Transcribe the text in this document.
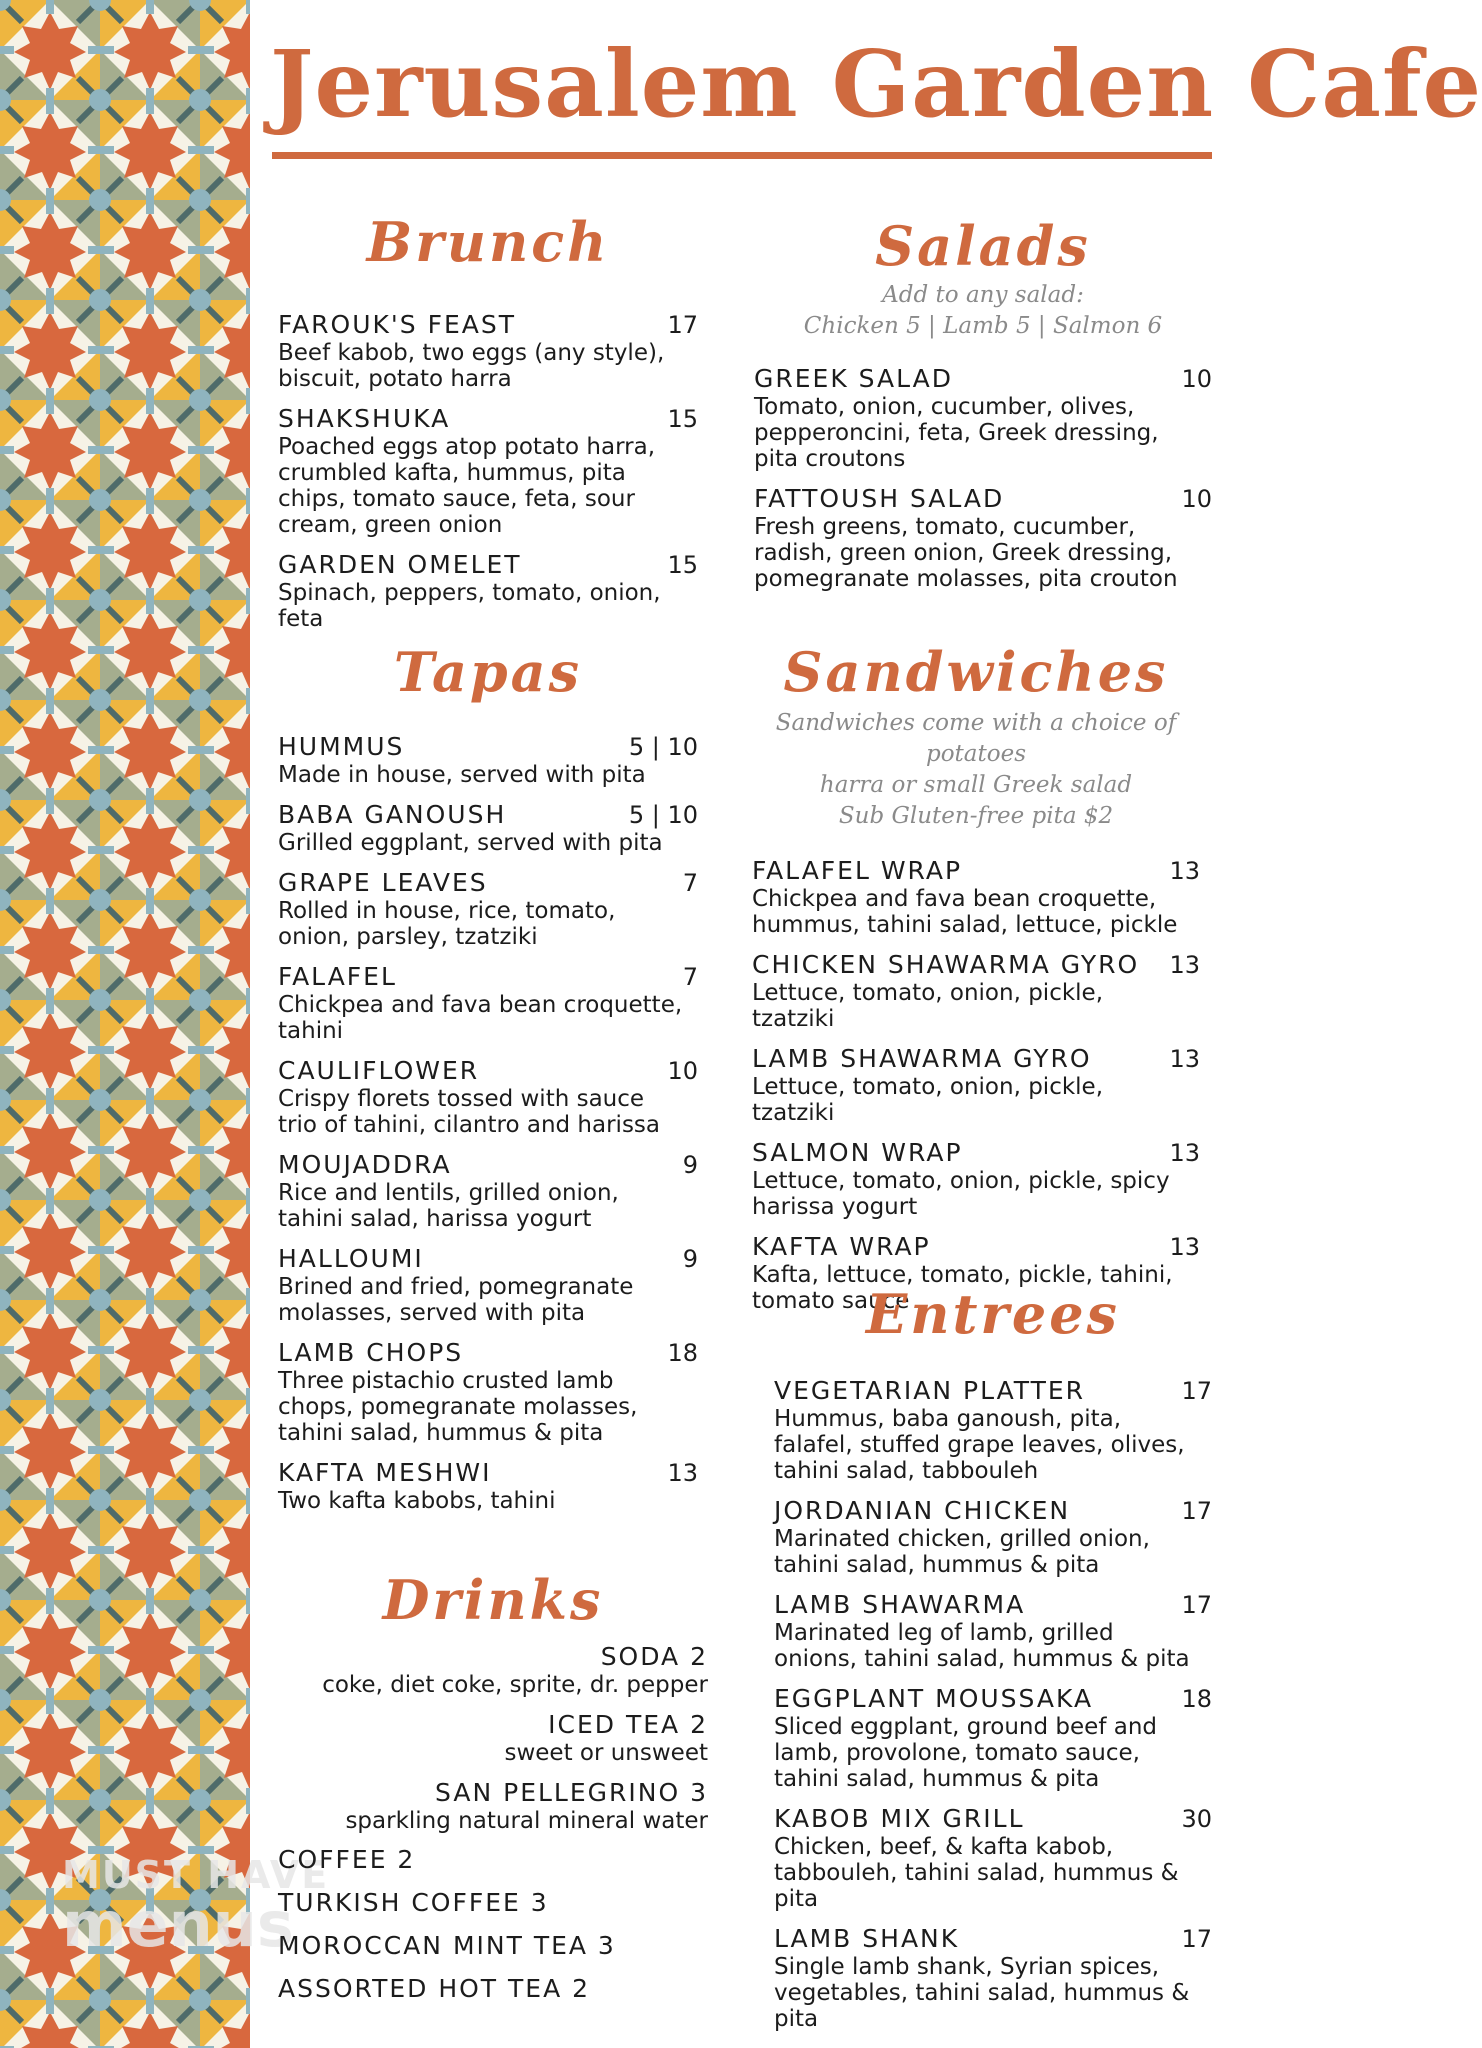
MUST HAVE
menus
Jerusalem Garden Cafe
Brunch
FAROUK'S FEAST	17
Beef kabob, two eggs (any style), biscuit, potato harra
SHAKSHUKA	15
Poached eggs atop potato harra, crumbled kafta, hummus, pita chips, tomato sauce, feta, sour cream, green onion
GARDEN OMELET	15
Spinach, peppers, tomato, onion, feta
Tapas
HUMMUS	5 | 10
Made in house, served with pita
BABA GANOUSH	5 | 10
Grilled eggplant, served with pita
GRAPE LEAVES	7
Rolled in house, rice, tomato, onion, parsley, tzatziki
FALAFEL	7
Chickpea and fava bean croquette, tahini
CAULIFLOWER	10
Crispy florets tossed with sauce trio of tahini, cilantro and harissa
MOUJADDRA	9
Rice and lentils, grilled onion, tahini salad, harissa yogurt
HALLOUMI	9
Brined and fried, pomegranate molasses, served with pita
LAMB CHOPS	18
Three pistachio crusted lamb chops, pomegranate molasses, tahini salad, hummus & pita
KAFTA MESHWI	13
Two kafta kabobs, tahini
Drinks
SODA 2
coke, diet coke, sprite, dr. pepper
ICED TEA 2
sweet or unsweet
SAN PELLEGRINO 3
sparkling natural mineral water
COFFEE 2
TURKISH COFFEE 3
MOROCCAN MINT TEA 3
ASSORTED HOT TEA 2
Salads
Add to any salad:
Chicken 5 | Lamb 5 | Salmon 6
GREEK SALAD	10
Tomato, onion, cucumber, olives, pepperoncini, feta, Greek dressing, pita croutons
FATTOUSH SALAD	10
Fresh greens, tomato, cucumber, radish, green onion, Greek dressing, pomegranate molasses, pita crouton
Sandwiches
Sandwiches come with a choice of potatoes
harra or small Greek salad
Sub Gluten-free pita $2
FALAFEL WRAP	13
Chickpea and fava bean croquette, hummus, tahini salad, lettuce, pickle
CHICKEN SHAWARMA GYRO	13
Lettuce, tomato, onion, pickle, tzatziki
LAMB SHAWARMA GYRO	13
Lettuce, tomato, onion, pickle, tzatziki
SALMON WRAP	13
Lettuce, tomato, onion, pickle, spicy harissa yogurt
KAFTA WRAP	13
Kafta, lettuce, tomato, pickle, tahini, tomato sauce
Entrees
VEGETARIAN PLATTER	17
Hummus, baba ganoush, pita, falafel, stuffed grape leaves, olives, tahini salad, tabbouleh
JORDANIAN CHICKEN	17
Marinated chicken, grilled onion, tahini salad, hummus & pita
LAMB SHAWARMA	17
Marinated leg of lamb, grilled onions, tahini salad, hummus & pita
EGGPLANT MOUSSAKA	18
Sliced eggplant, ground beef and lamb, provolone, tomato sauce, tahini salad, hummus & pita
KABOB MIX GRILL	30
Chicken, beef, & kafta kabob, tabbouleh, tahini salad, hummus & pita
LAMB SHANK	17
Single lamb shank, Syrian spices, vegetables, tahini salad, hummus & pita
